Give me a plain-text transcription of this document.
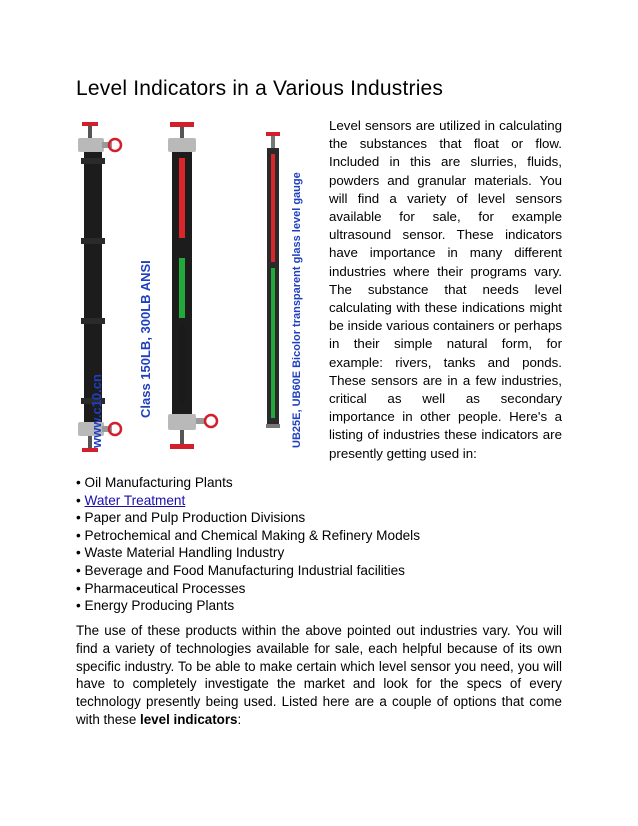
Level Indicators in a Various Industries
www.c10.cn	Class 150LB, 300LB ANSI	UB25E, UB60E Bicolor transparent glass level gauge

Level sensors are utilized in calculating the substances that float or flow. Included in this are slurries, fluids, powders and granular materials. You will find a variety of level sensors available for sale, for example ultrasound sensor. These indicators have importance in many different industries where their programs vary. The substance that needs level calculating with these indications might be inside various containers or perhaps in their simple natural form, for example: rivers, tanks and ponds. These sensors are in a few industries, critical as well as secondary importance in other people. Here's a listing of industries these indicators are presently getting used in:

• Oil Manufacturing Plants
• Water Treatment
• Paper and Pulp Production Divisions
• Petrochemical and Chemical Making & Refinery Models
• Waste Material Handling Industry
• Beverage and Food Manufacturing Industrial facilities
• Pharmaceutical Processes
• Energy Producing Plants

The use of these products within the above pointed out industries vary. You will find a variety of technologies available for sale, each helpful because of its own specific industry. To be able to make certain which level sensor you need, you will have to completely investigate the market and look for the specs of every technology presently being used. Listed here are a couple of options that come with these level indicators:
